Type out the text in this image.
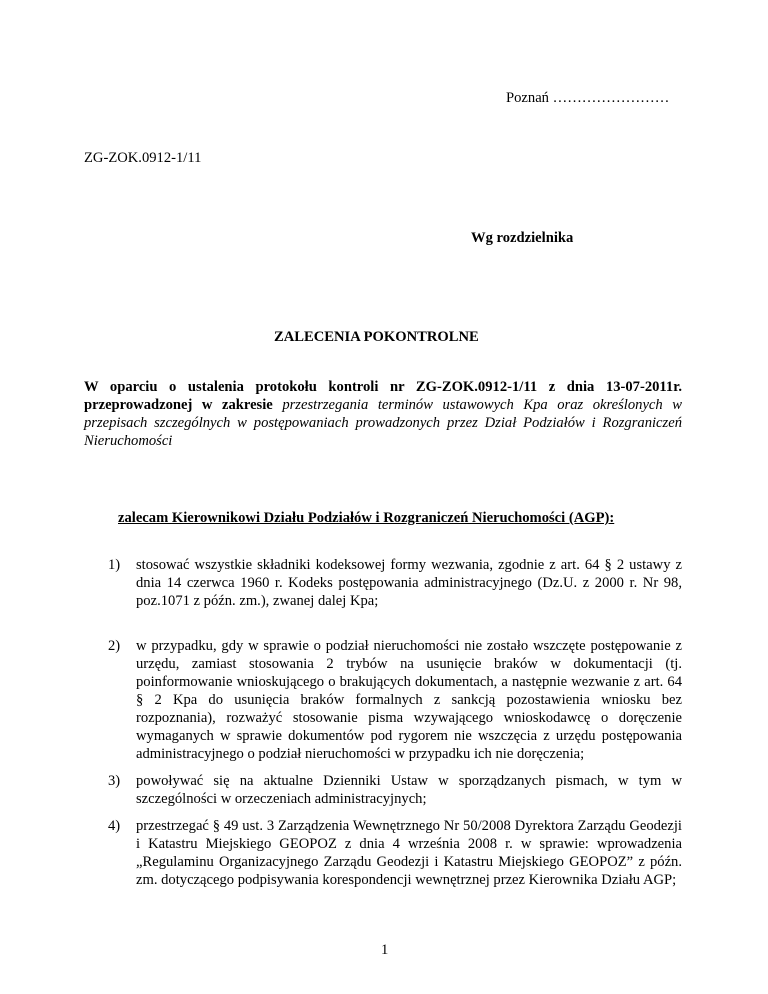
Poznań ……………………
ZG-ZOK.0912-1/11
Wg rozdzielnika
ZALECENIA POKONTROLNE
W oparciu o ustalenia protokołu kontroli nr ZG-ZOK.0912-1/11 z dnia 13-07-2011r. przeprowadzonej w zakresie przestrzegania terminów ustawowych Kpa oraz określonych w przepisach szczególnych w postępowaniach prowadzonych przez Dział Podziałów i Rozgraniczeń Nieruchomości
zalecam Kierownikowi Działu Podziałów i Rozgraniczeń Nieruchomości (AGP):
1)	stosować wszystkie składniki kodeksowej formy wezwania, zgodnie z art. 64 § 2 ustawy z dnia 14 czerwca 1960 r. Kodeks postępowania administracyjnego (Dz.U. z 2000 r. Nr 98, poz.1071 z późn. zm.), zwanej dalej Kpa;
2)	w przypadku, gdy w sprawie o podział nieruchomości nie zostało wszczęte postępowanie z urzędu, zamiast stosowania 2 trybów na usunięcie braków w dokumentacji (tj. poinformowanie wnioskującego o brakujących dokumentach, a następnie wezwanie z art. 64 § 2 Kpa do usunięcia braków formalnych z sankcją pozostawienia wniosku bez rozpoznania), rozważyć stosowanie pisma wzywającego wnioskodawcę o doręczenie wymaganych w sprawie dokumentów pod rygorem nie wszczęcia z urzędu postępowania administracyjnego o podział nieruchomości w przypadku ich nie doręczenia;
3)	powoływać się na aktualne Dzienniki Ustaw w sporządzanych pismach, w tym w szczególności w orzeczeniach administracyjnych;
4)	przestrzegać § 49 ust. 3 Zarządzenia Wewnętrznego Nr 50/2008 Dyrektora Zarządu Geodezji i Katastru Miejskiego GEOPOZ z dnia 4 września 2008 r. w sprawie: wprowadzenia „Regulaminu Organizacyjnego Zarządu Geodezji i Katastru Miejskiego GEOPOZ” z późn. zm. dotyczącego podpisywania korespondencji wewnętrznej przez Kierownika Działu AGP;
1
